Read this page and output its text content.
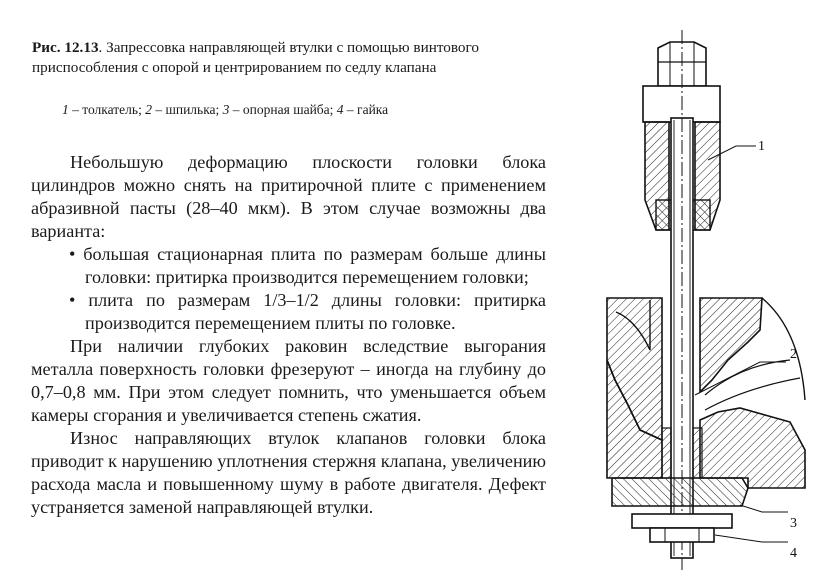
Рис. 12.13. Запрессовка направляющей втулки с помощью винтового приспособления с опорой и центрированием по седлу клапана
1 – толкатель; 2 – шпилька; 3 – опорная шайба; 4 – гайка
Небольшую деформацию плоскости головки блока цилиндров можно снять на притирочной плите с применением абразивной пасты (28–40 мкм). В этом случае возможны два варианта:
• большая стационарная плита по размерам больше длины головки: притирка производится перемещением головки;
• плита по размерам 1/3–1/2 длины головки: притирка производится перемещением плиты по головке.
При наличии глубоких раковин вследствие выгорания металла поверхность головки фрезеруют – иногда на глубину до 0,7–0,8 мм. При этом следует помнить, что уменьшается объем камеры сгорания и увеличивается степень сжатия.
Износ направляющих втулок клапанов головки блока приводит к нарушению уплотнения стержня клапана, увеличению расхода масла и повышенному шуму в работе двигателя. Дефект устраняется заменой направляющей втулки.
1
2
3
4
